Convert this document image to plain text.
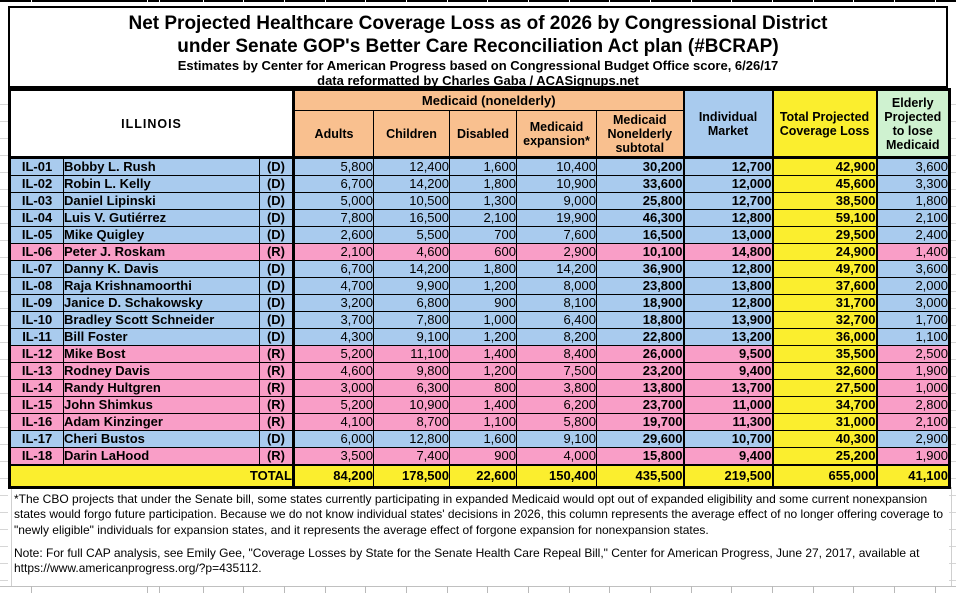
Net Projected Healthcare Coverage Loss as of 2026 by Congressional District
under Senate GOP's Better Care Reconciliation Act plan (#BCRAP)
Estimates by Center for American Progress based on Congressional Budget Office score, 6/26/17
data reformatted by Charles Gaba / ACASignups.net
ILLINOIS			Medicaid (nonelderly)					Individual Market	Total Projected Coverage Loss	Elderly Projected to lose Medicaid
			Adults	Children	Disabled	Medicaid expansion*	Medicaid Nonelderly subtotal			
IL-01	Bobby L. Rush	(D)	5,800	12,400	1,600	10,400	30,200	12,700	42,900	3,600
IL-02	Robin L. Kelly	(D)	6,700	14,200	1,800	10,900	33,600	12,000	45,600	3,300
IL-03	Daniel Lipinski	(D)	5,000	10,500	1,300	9,000	25,800	12,700	38,500	1,800
IL-04	Luis V. Gutiérrez	(D)	7,800	16,500	2,100	19,900	46,300	12,800	59,100	2,100
IL-05	Mike Quigley	(D)	2,600	5,500	700	7,600	16,500	13,000	29,500	2,400
IL-06	Peter J. Roskam	(R)	2,100	4,600	600	2,900	10,100	14,800	24,900	1,400
IL-07	Danny K. Davis	(D)	6,700	14,200	1,800	14,200	36,900	12,800	49,700	3,600
IL-08	Raja Krishnamoorthi	(D)	4,700	9,900	1,200	8,000	23,800	13,800	37,600	2,000
IL-09	Janice D. Schakowsky	(D)	3,200	6,800	900	8,100	18,900	12,800	31,700	3,000
IL-10	Bradley Scott Schneider	(D)	3,700	7,800	1,000	6,400	18,800	13,900	32,700	1,700
IL-11	Bill Foster	(D)	4,300	9,100	1,200	8,200	22,800	13,200	36,000	1,100
IL-12	Mike Bost	(R)	5,200	11,100	1,400	8,400	26,000	9,500	35,500	2,500
IL-13	Rodney Davis	(R)	4,600	9,800	1,200	7,500	23,200	9,400	32,600	1,900
IL-14	Randy Hultgren	(R)	3,000	6,300	800	3,800	13,800	13,700	27,500	1,000
IL-15	John Shimkus	(R)	5,200	10,900	1,400	6,200	23,700	11,000	34,700	2,800
IL-16	Adam Kinzinger	(R)	4,100	8,700	1,100	5,800	19,700	11,300	31,000	2,100
IL-17	Cheri Bustos	(D)	6,000	12,800	1,600	9,100	29,600	10,700	40,300	2,900
IL-18	Darin LaHood	(R)	3,500	7,400	900	4,000	15,800	9,400	25,200	1,900
TOTAL			84,200	178,500	22,600	150,400	435,500	219,500	655,000	41,100
*The CBO projects that under the Senate bill, some states currently participating in expanded Medicaid would opt out of expanded eligibility and some current nonexpansion states would forgo future participation. Because we do not know individual states' decisions in 2026, this column represents the average effect of no longer offering coverage to "newly eligible" individuals for expansion states, and it represents the average effect of forgone expansion for nonexpansion states.
Note: For full CAP analysis, see Emily Gee, "Coverage Losses by State for the Senate Health Care Repeal Bill," Center for American Progress, June 27, 2017, available at https://www.americanprogress.org/?p=435112.
